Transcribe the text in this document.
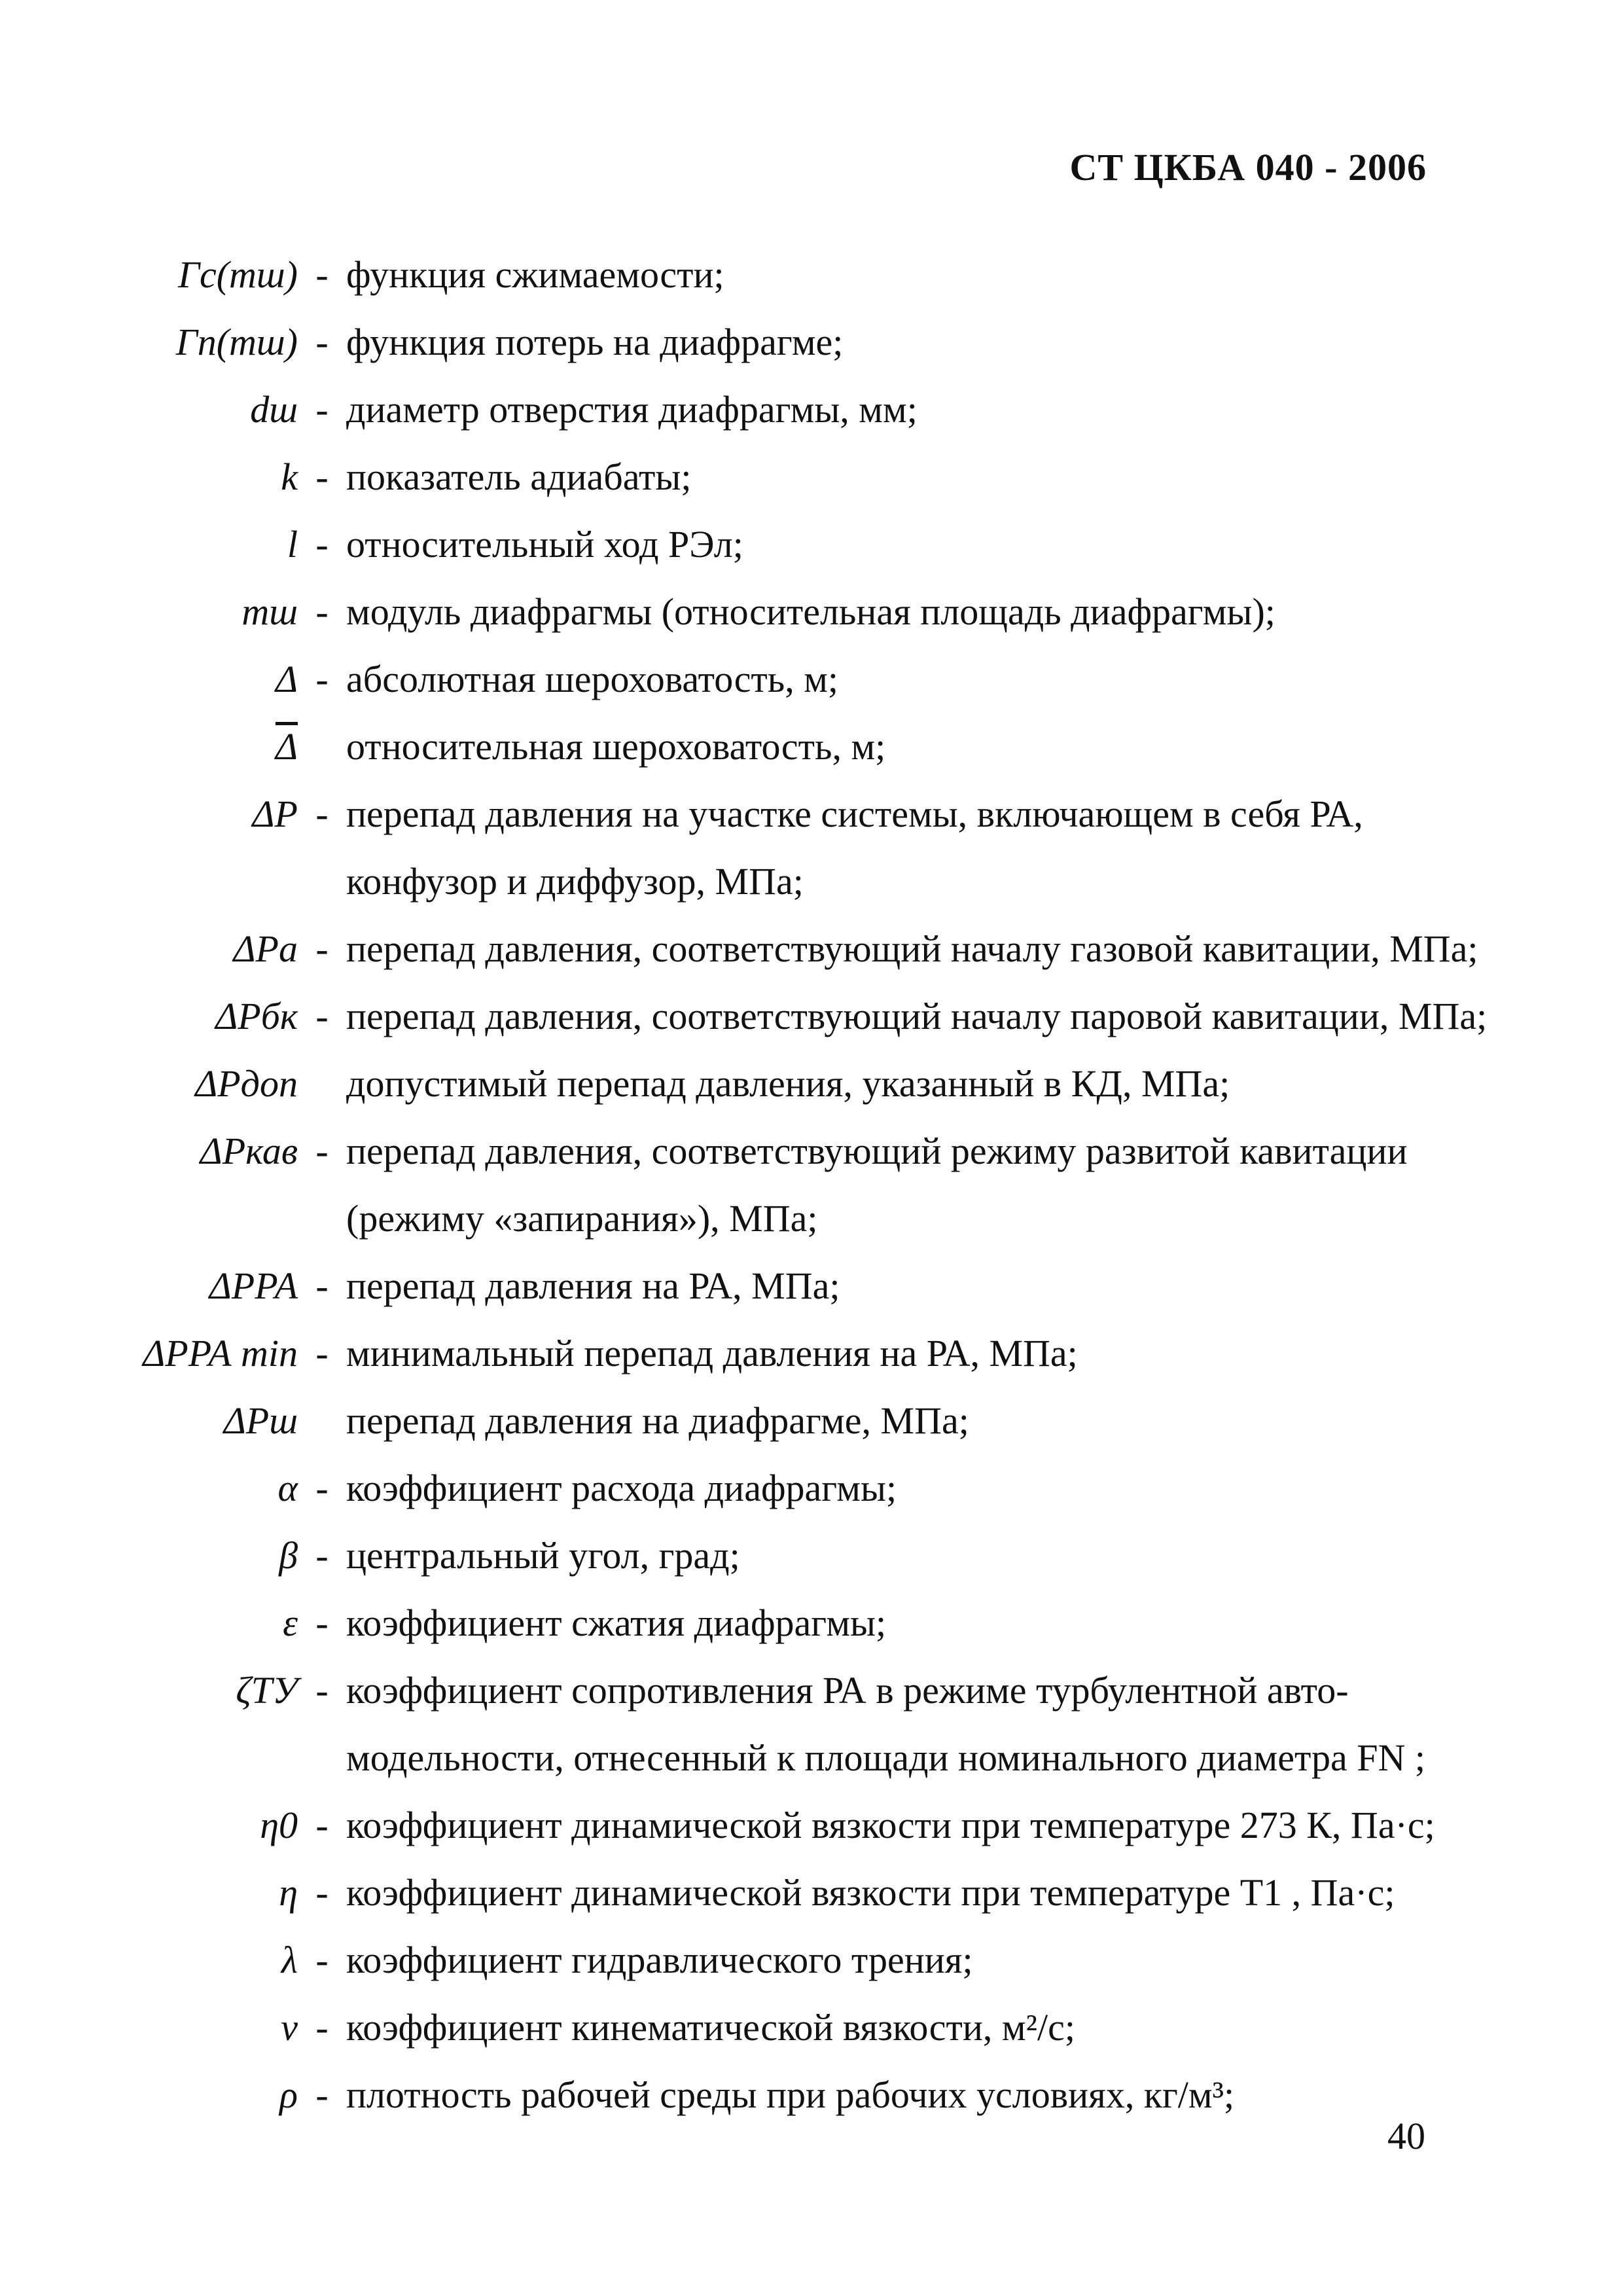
СТ ЦКБА 040 - 2006
Гс(mш) - функция сжимаемости;
Гп(mш) - функция потерь на диафрагме;
dш - диаметр отверстия диафрагмы, мм;
k - показатель адиабаты;
l - относительный ход РЭл;
mш - модуль диафрагмы (относительная площадь диафрагмы);
Δ - абсолютная шероховатость, м;
$\overline{\Delta}$ относительная шероховатость, м;
ΔP - перепад давления на участке системы, включающем в себя РА,
конфузор и диффузор, МПа;
ΔPа - перепад давления, соответствующий началу газовой кавитации, МПа;
ΔPбк - перепад давления, соответствующий началу паровой кавитации, МПа;
ΔPдоп допустимый перепад давления, указанный в КД, МПа;
ΔPкав - перепад давления, соответствующий режиму развитой кавитации
(режиму «запирания»), МПа;
ΔPРА - перепад давления на РА, МПа;
ΔPРА min - минимальный перепад давления на РА, МПа;
ΔPш перепад давления на диафрагме, МПа;
α - коэффициент расхода диафрагмы;
β - центральный угол, град;
ε - коэффициент сжатия диафрагмы;
ζТУ - коэффициент сопротивления РА в режиме турбулентной авто-
модельности, отнесенный к площади номинального диаметра FN ;
η0 - коэффициент динамической вязкости при температуре 273 К, Па·с;
η - коэффициент динамической вязкости при температуре T1 , Па·с;
λ - коэффициент гидравлического трения;
ν - коэффициент кинематической вязкости, м²/с;
ρ - плотность рабочей среды при рабочих условиях, кг/м³;
40
